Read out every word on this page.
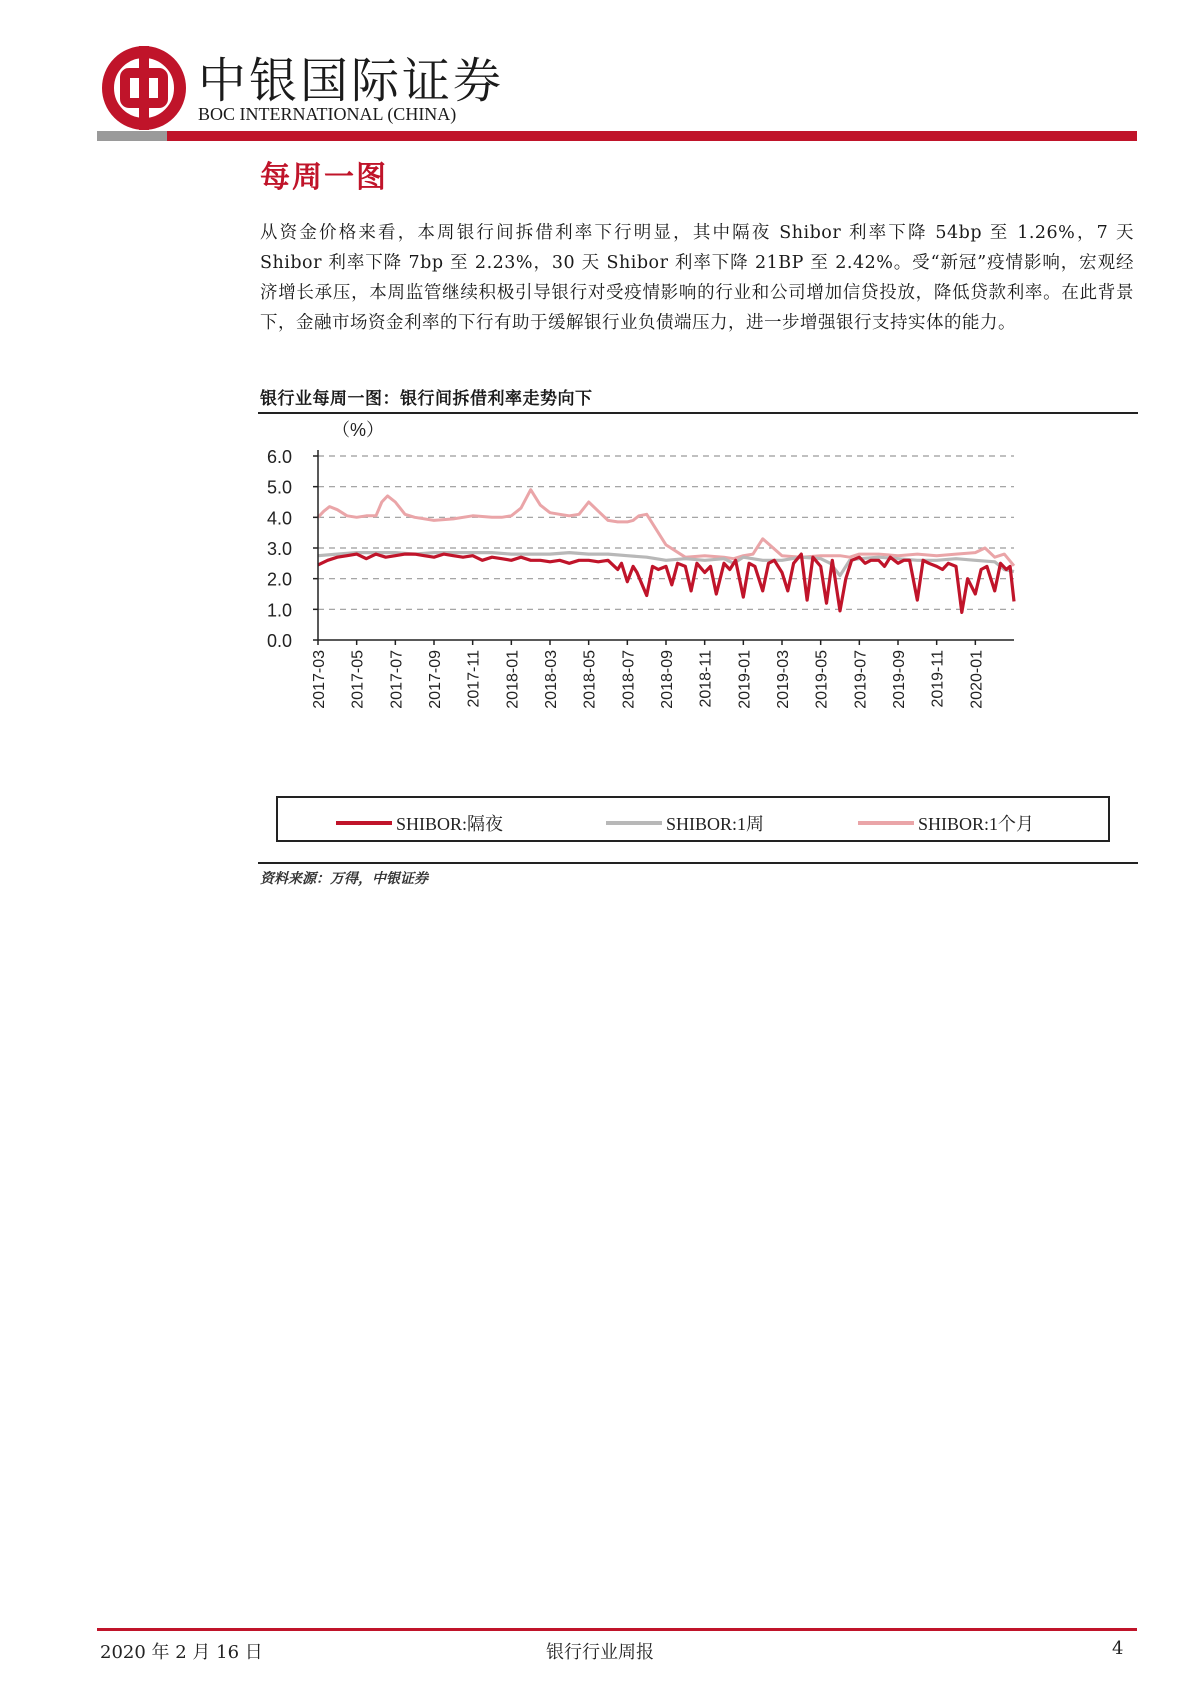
中银国际证券
BOC INTERNATIONAL (CHINA)
每周一图
从资金价格来看，本周银行间拆借利率下行明显，其中隔夜 Shibor 利率下降 54bp 至 1.26%，7 天 Shibor 利率下降 7bp 至 2.23%，30 天 Shibor 利率下降 21BP 至 2.42%。受“新冠”疫情影响，宏观经济增长承压，本周监管继续积极引导银行对受疫情影响的行业和公司增加信贷投放，降低贷款利率。在此背景下，金融市场资金利率的下行有助于缓解银行业负债端压力，进一步增强银行支持实体的能力。
银行业每周一图：银行间拆借利率走势向下
（%）
0.0
1.0
2.0
3.0
4.0
5.0
6.0
2017-03 2017-05 2017-07 2017-09 2017-11 2018-01 2018-03 2018-05 2018-07 2018-09 2018-11 2019-01 2019-03 2019-05 2019-07 2019-09 2019-11 2020-01
SHIBOR:隔夜	SHIBOR:1周	SHIBOR:1个月
资料来源：万得，中银证券
2020 年 2 月 16 日	银行行业周报	4
